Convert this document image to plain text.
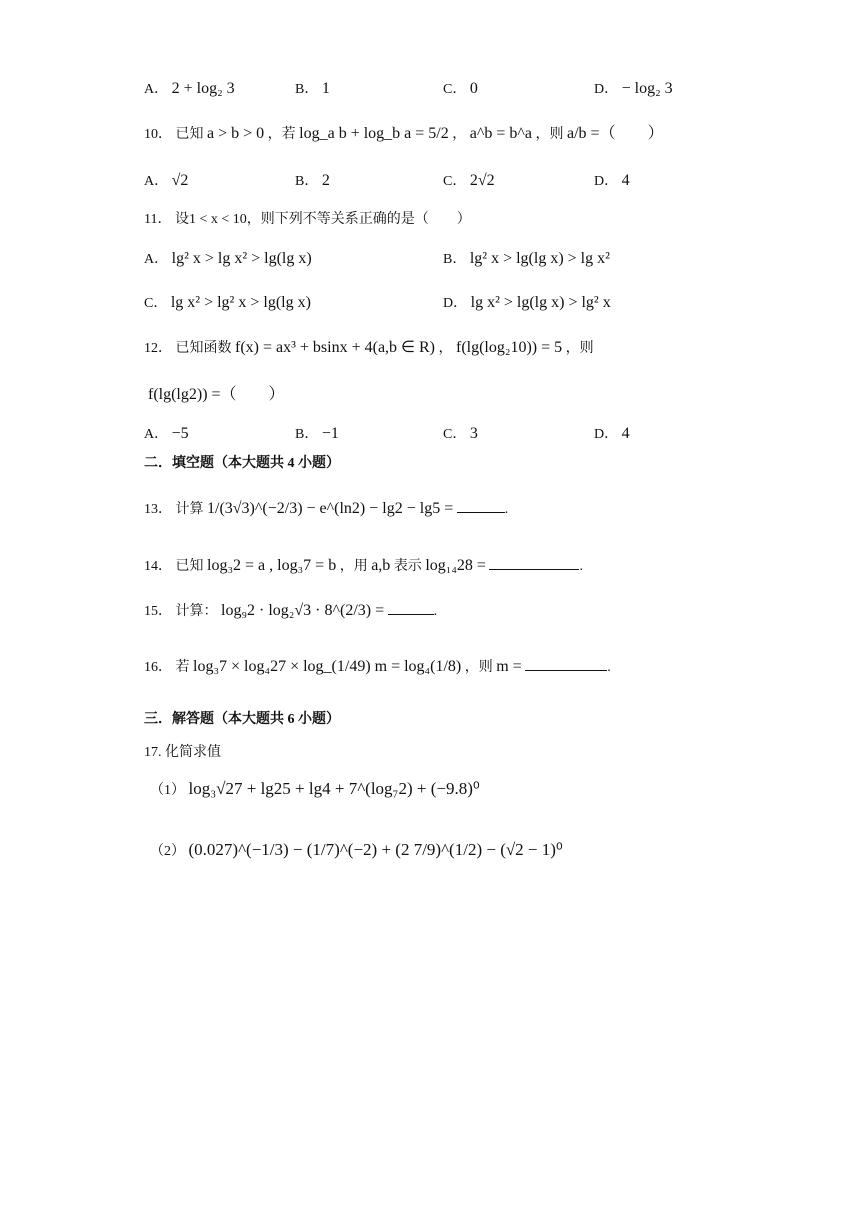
A． 2 + log₂ 3	B． 1	C． 0	D． − log₂ 3
10． 已知 a > b > 0 ，若 log_a b + log_b a = 5/2 ， a^b = b^a ，则 a/b =（　　）
A． √2	B． 2	C． 2√2	D． 4
11． 设1 < x < 10，则下列不等关系正确的是（　　）
A． lg² x > lg x² > lg(lg x)	B． lg² x > lg(lg x) > lg x²
C． lg x² > lg² x > lg(lg x)	D． lg x² > lg(lg x) > lg² x
12． 已知函数 f(x) = ax³ + bsinx + 4(a,b ∈ R) ， f(lg(log₂10)) = 5 ，则
f(lg(lg2)) =（　　）
A． −5	B． −1	C． 3	D． 4
二．填空题（本大题共 4 小题）
13． 计算 1/(3√3)^(−2/3) − e^(ln2) − lg2 − lg5 =	.
14． 已知 log₃2 = a , log₃7 = b ，用 a,b 表示 log₁₄28 =	.
15． 计算： log₉2 · log₂√3 · 8^(2/3) =	.
16． 若 log₃7 × log₄27 × log_(1/49) m = log₄(1/8) ，则 m =	.
三．解答题（本大题共 6 小题）
17. 化简求值
（1） log₃√27 + lg25 + lg4 + 7^(log₇2) + (−9.8)⁰
（2） (0.027)^(−1/3) − (1/7)^(−2) + (2 7/9)^(1/2) − (√2 − 1)⁰
